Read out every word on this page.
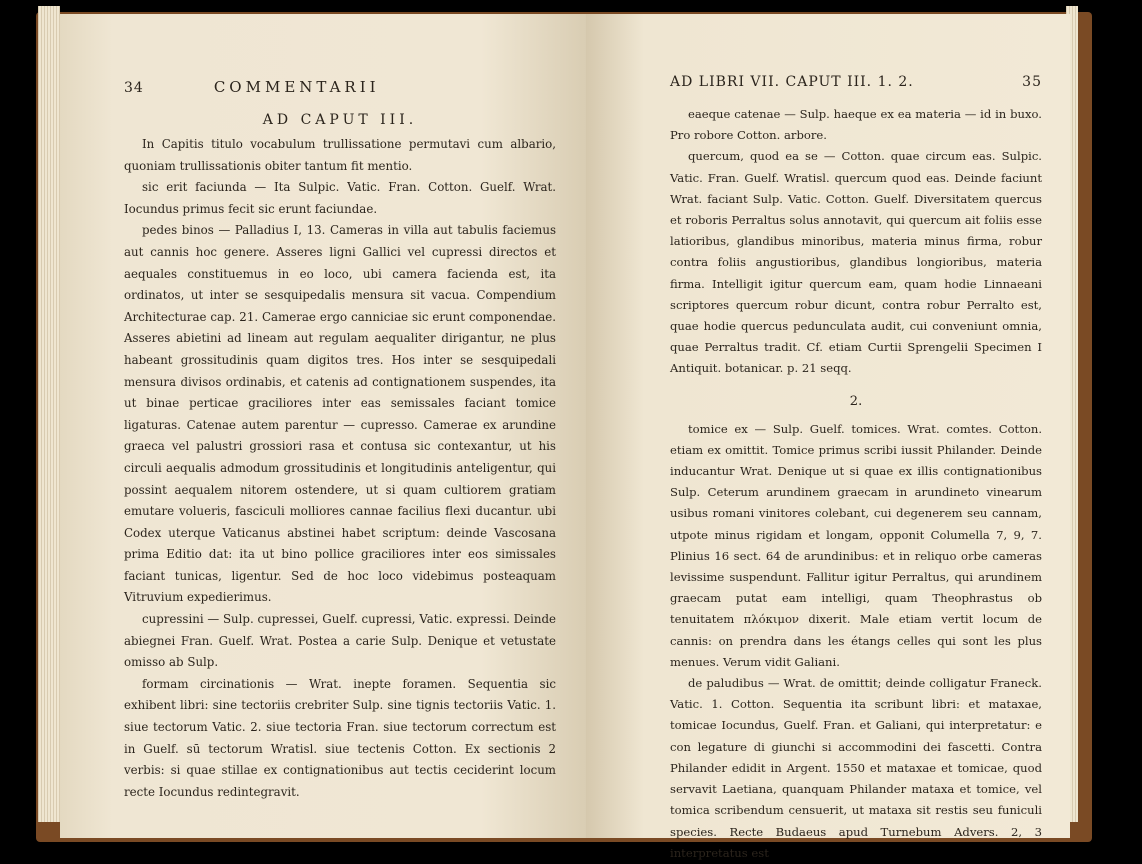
34	COMMENTARII
AD CAPUT III.

In Capitis titulo vocabulum trullissatione permutavi cum albario, quoniam trullissationis obiter tantum fit mentio.

sic erit faciunda — Ita Sulpic. Vatic. Fran. Cotton. Guelf. Wrat. Iocundus primus fecit sic erunt faciundae.

pedes binos — Palladius I, 13. Cameras in villa aut tabulis faciemus aut cannis hoc genere. Asseres ligni Gallici vel cupressi directos et aequales constituemus in eo loco, ubi camera facienda est, ita ordinatos, ut inter se sesquipedalis mensura sit vacua. Compendium Architecturae cap. 21. Camerae ergo canniciae sic erunt componendae. Asseres abietini ad lineam aut regulam aequaliter dirigantur, ne plus habeant grossitudinis quam digitos tres. Hos inter se sesquipedali mensura divisos ordinabis, et catenis ad contignationem suspendes, ita ut binae perticae graciliores inter eas semissales faciant tomice ligaturas. Catenae autem parentur — cupresso. Camerae ex arundine graeca vel palustri grossiori rasa et contusa sic contexantur, ut his circuli aequalis admodum grossitudinis et longitudinis anteligentur, qui possint aequalem nitorem ostendere, ut si quam cultiorem gratiam emutare volueris, fasciculi molliores cannae facilius flexi ducantur. ubi Codex uterque Vaticanus abstinei habet scriptum: deinde Vascosana prima Editio dat: ita ut bino pollice graciliores inter eos simissales faciant tunicas, ligentur. Sed de hoc loco videbimus posteaquam Vitruvium expedierimus.

cupressini — Sulp. cupressei, Guelf. cupressi, Vatic. expressi. Deinde abiegnei Fran. Guelf. Wrat. Postea a carie Sulp. Denique et vetustate omisso ab Sulp.

formam circinationis — Wrat. inepte foramen. Sequentia sic exhibent libri: sine tectoriis crebriter Sulp. sine tignis tectoriis Vatic. 1. siue tectorum Vatic. 2. siue tectoria Fran. siue tectorum correctum est in Guelf. sū tectorum Wratisl. siue tectenis Cotton. Ex sectionis 2 verbis: si quae stillae ex contignationibus aut tectis ceciderint locum recte Iocundus redintegravit.

AD LIBRI VII. CAPUT III. 1. 2.	35

eaeque catenae — Sulp. haeque ex ea materia — id in buxo. Pro robore Cotton. arbore.

quercum, quod ea se — Cotton. quae circum eas. Sulpic. Vatic. Fran. Guelf. Wratisl. quercum quod eas. Deinde faciunt Wrat. faciant Sulp. Vatic. Cotton. Guelf. Diversitatem quercus et roboris Perraltus solus annotavit, qui quercum ait foliis esse latioribus, glandibus minoribus, materia minus firma, robur contra foliis angustioribus, glandibus longioribus, materia firma. Intelligit igitur quercum eam, quam hodie Linnaeani scriptores quercum robur dicunt, contra robur Perralto est, quae hodie quercus pedunculata audit, cui conveniunt omnia, quae Perraltus tradit. Cf. etiam Curtii Sprengelii Specimen I Antiquit. botanicar. p. 21 seqq.

2.

tomice ex — Sulp. Guelf. tomices. Wrat. comtes. Cotton. etiam ex omittit. Tomice primus scribi iussit Philander. Deinde inducantur Wrat. Denique ut si quae ex illis contignationibus Sulp. Ceterum arundinem graecam in arundineto vinearum usibus romani vinitores colebant, cui degenerem seu cannam, utpote minus rigidam et longam, opponit Columella 7, 9, 7. Plinius 16 sect. 64 de arundinibus: et in reliquo orbe cameras levissime suspendunt. Fallitur igitur Perraltus, qui arundinem graecam putat eam intelligi, quam Theophrastus ob tenuitatem πλόκιμον dixerit. Male etiam vertit locum de cannis: on prendra dans les étangs celles qui sont les plus menues. Verum vidit Galiani.

de paludibus — Wrat. de omittit; deinde colligatur Franeck. Vatic. 1. Cotton. Sequentia ita scribunt libri: et mataxae, tomicae Iocundus, Guelf. Fran. et Galiani, qui interpretatur: e con legature di giunchi si accommodini dei fascetti. Contra Philander edidit in Argent. 1550 et mataxae et tomicae, quod servavit Laetiana, quanquam Philander mataxa et tomice, vel tomica scribendum censuerit, ut mataxa sit restis seu funiculi species. Recte Budaeus apud Turnebum Advers. 2, 3 interpretatus est
